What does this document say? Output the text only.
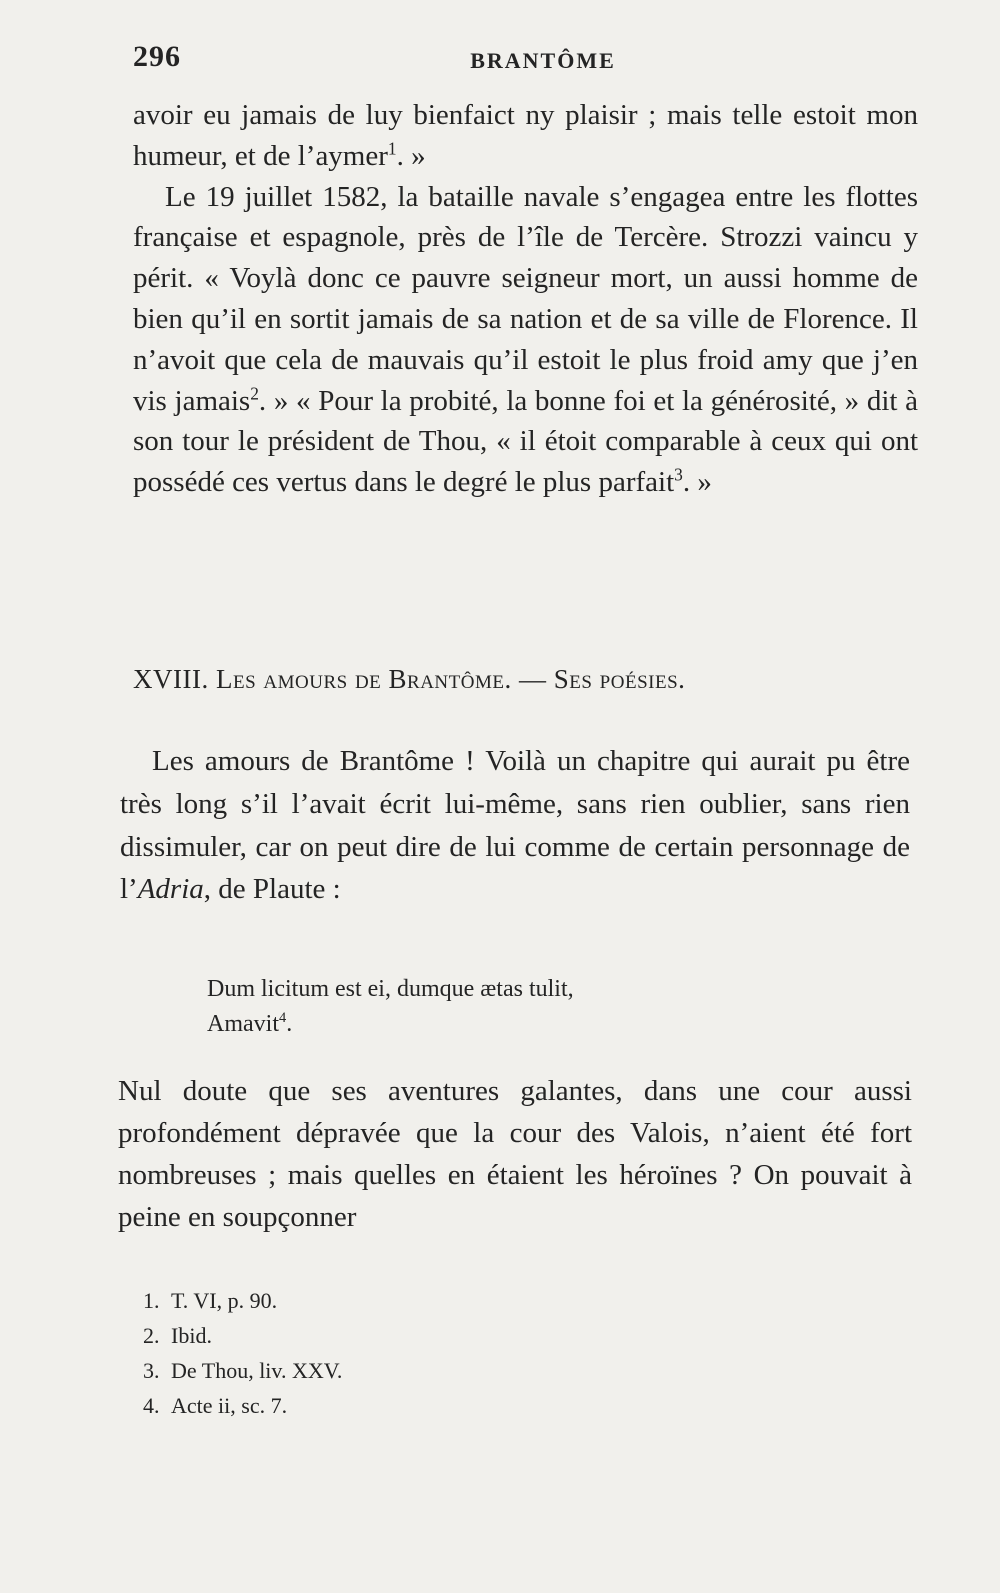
296	BRANTÔME

avoir eu jamais de luy bienfaict ny plaisir ; mais telle estoit mon humeur, et de l’aymer$^1$. »

Le 19 juillet 1582, la bataille navale s’engagea entre les flottes française et espagnole, près de l’île de Tercère. Strozzi vaincu y périt. « Voylà donc ce pauvre seigneur mort, un aussi homme de bien qu’il en sortit jamais de sa nation et de sa ville de Florence. Il n’avoit que cela de mauvais qu’il estoit le plus froid amy que j’en vis jamais$^2$. » « Pour la probité, la bonne foi et la générosité, » dit à son tour le président de Thou, « il étoit comparable à ceux qui ont possédé ces vertus dans le degré le plus parfait$^3$. »

XVIII. Les amours de Brantôme. — Ses poésies.

Les amours de Brantôme ! Voilà un chapitre qui aurait pu être très long s’il l’avait écrit lui-même, sans rien oublier, sans rien dissimuler, car on peut dire de lui comme de certain personnage de l’Adria, de Plaute :

Dum licitum est ei, dumque ætas tulit,
Amavit$^4$.

Nul doute que ses aventures galantes, dans une cour aussi profondément dépravée que la cour des Valois, n’aient été fort nombreuses ; mais quelles en étaient les héroïnes ? On pouvait à peine en soupçonner

1. T. VI, p. 90.
2. Ibid.
3. De Thou, liv. XXV.
4. Acte ii, sc. 7.
